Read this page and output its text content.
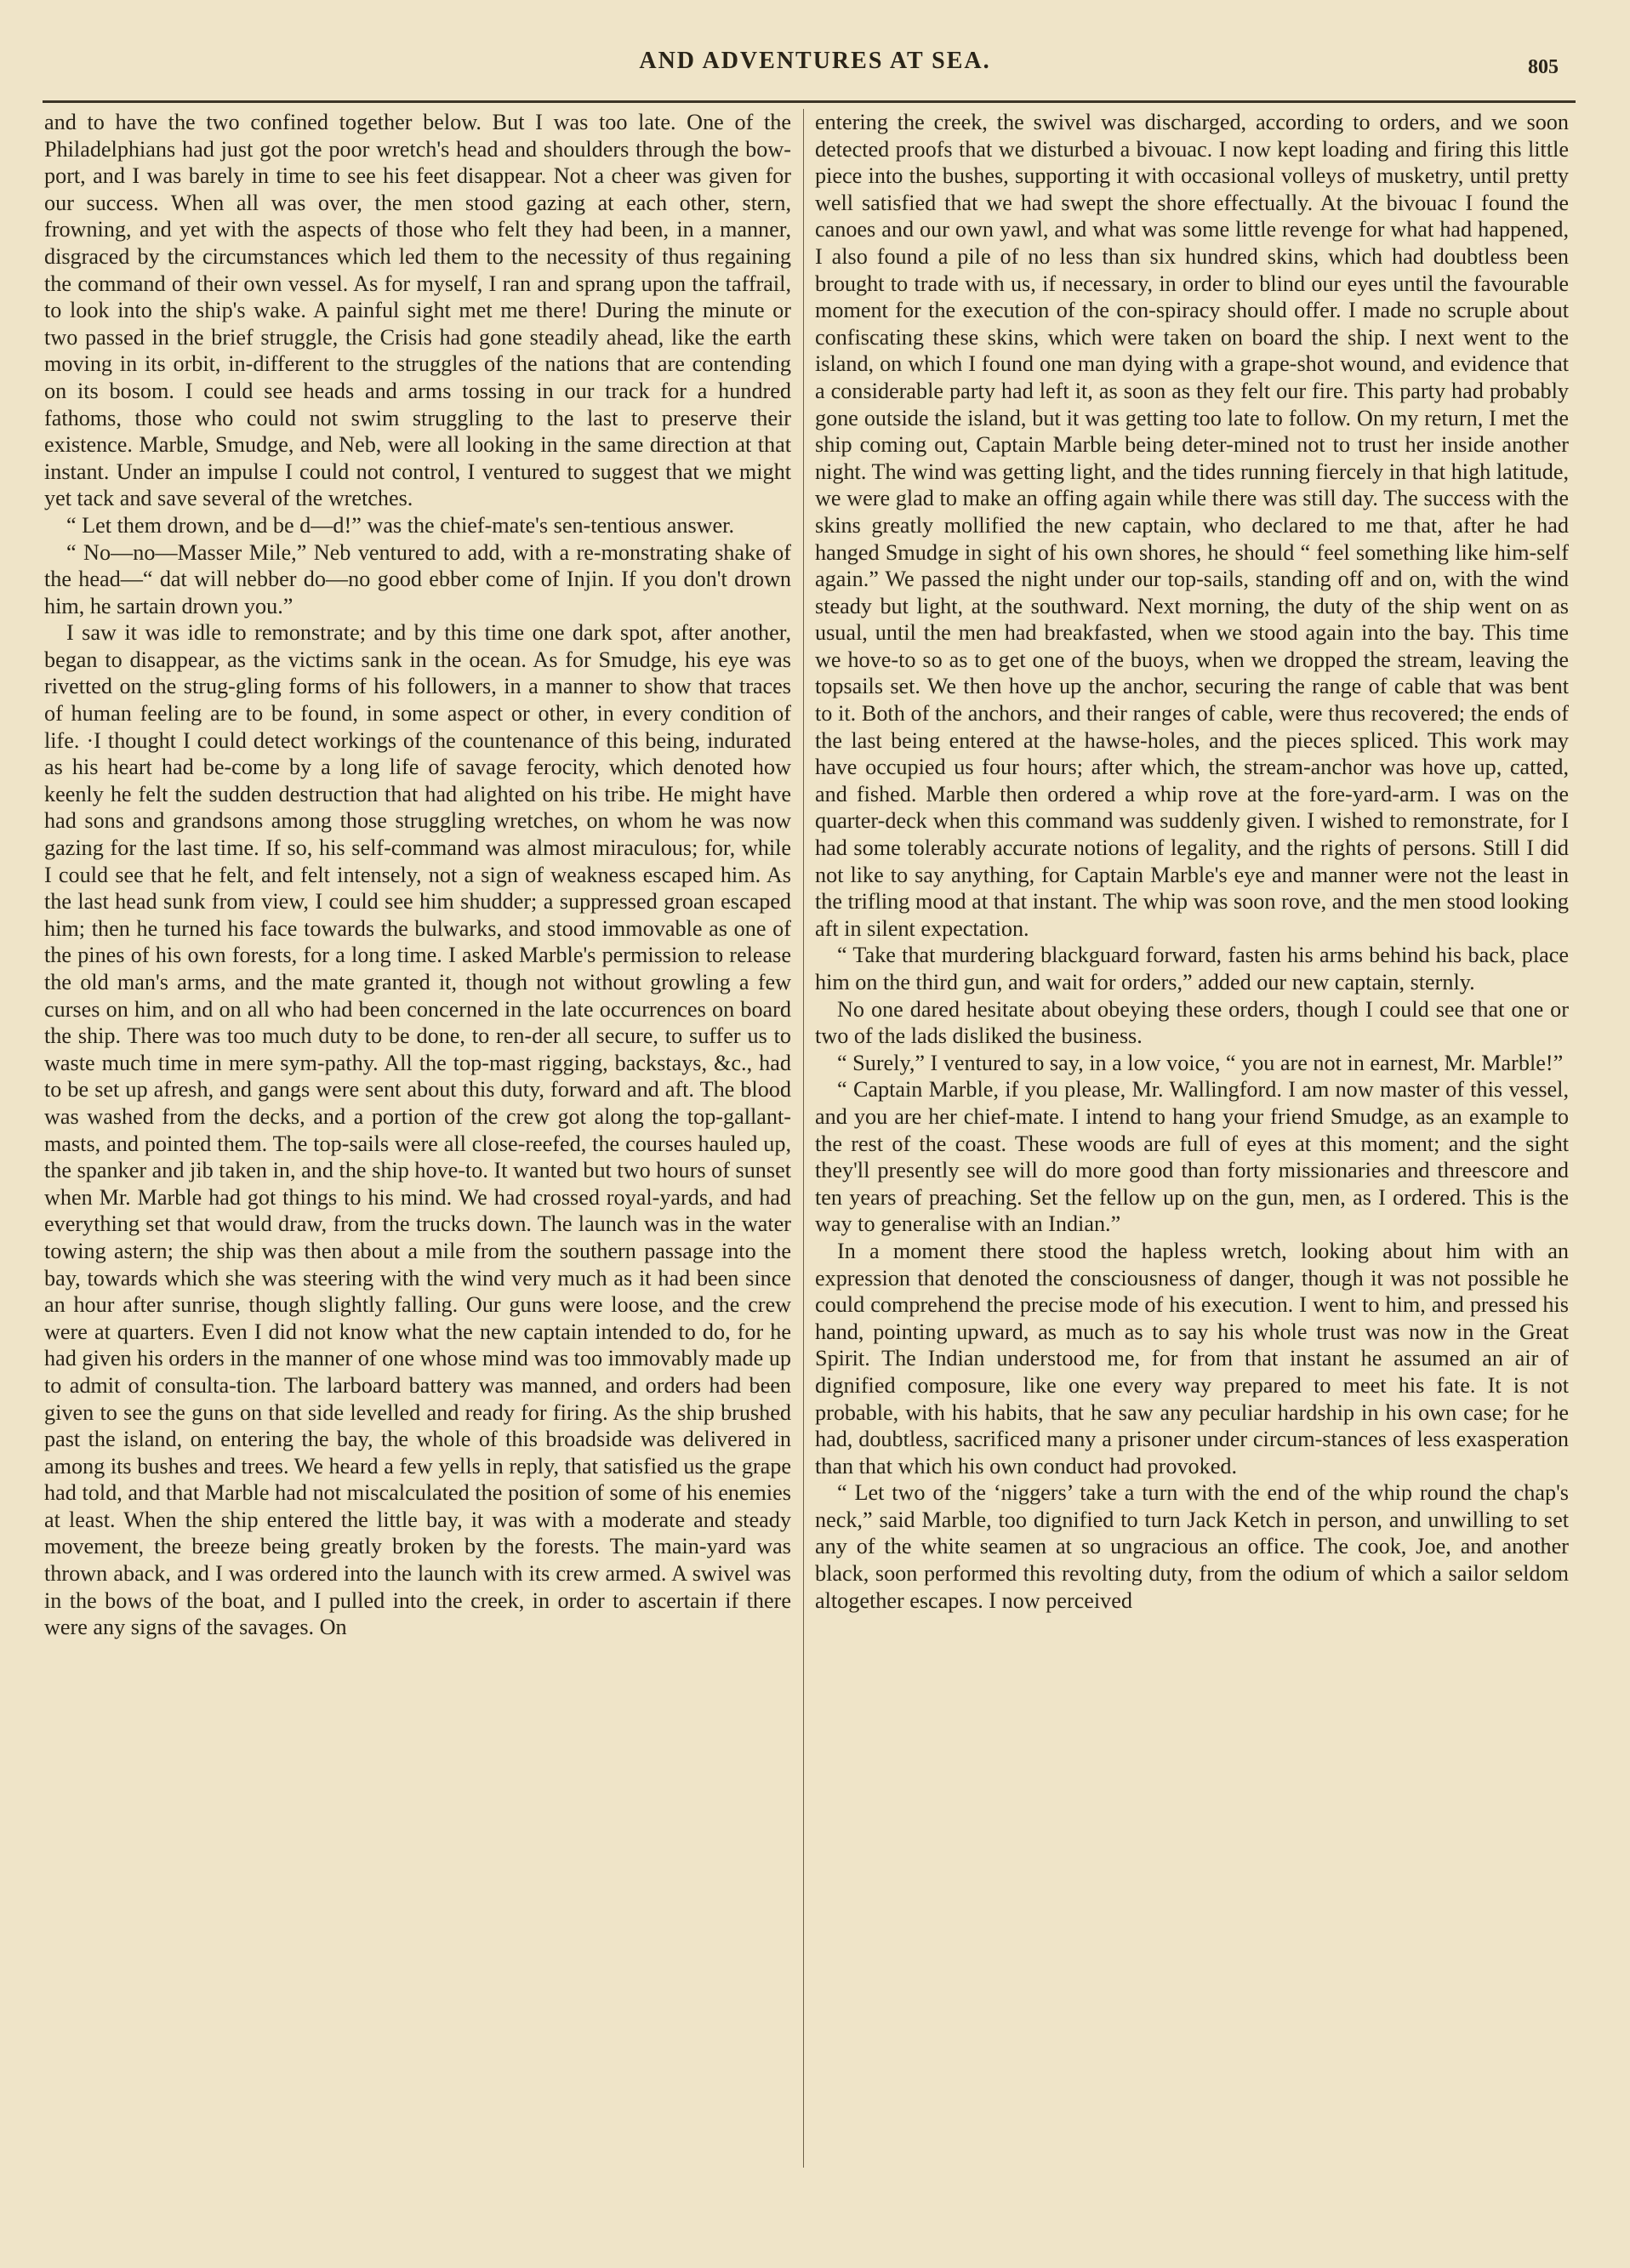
AND ADVENTURES AT SEA.	805

and to have the two confined together below. But I was too late. One of the Philadelphians had just got the poor wretch's head and shoulders through the bow-port, and I was barely in time to see his feet disappear. Not a cheer was given for our success. When all was over, the men stood gazing at each other, stern, frowning, and yet with the aspects of those who felt they had been, in a manner, disgraced by the circumstances which led them to the necessity of thus regaining the command of their own vessel. As for myself, I ran and sprang upon the taffrail, to look into the ship's wake. A painful sight met me there! During the minute or two passed in the brief struggle, the Crisis had gone steadily ahead, like the earth moving in its orbit, in-different to the struggles of the nations that are contending on its bosom. I could see heads and arms tossing in our track for a hundred fathoms, those who could not swim struggling to the last to preserve their existence. Marble, Smudge, and Neb, were all looking in the same direction at that instant. Under an impulse I could not control, I ventured to suggest that we might yet tack and save several of the wretches.

“ Let them drown, and be d—d!” was the chief-mate's sen-tentious answer.

“ No—no—Masser Mile,” Neb ventured to add, with a re-monstrating shake of the head—“ dat will nebber do—no good ebber come of Injin. If you don't drown him, he sartain drown you.”

I saw it was idle to remonstrate; and by this time one dark spot, after another, began to disappear, as the victims sank in the ocean. As for Smudge, his eye was rivetted on the strug-gling forms of his followers, in a manner to show that traces of human feeling are to be found, in some aspect or other, in every condition of life. ·I thought I could detect workings of the countenance of this being, indurated as his heart had be-come by a long life of savage ferocity, which denoted how keenly he felt the sudden destruction that had alighted on his tribe. He might have had sons and grandsons among those struggling wretches, on whom he was now gazing for the last time. If so, his self-command was almost miraculous; for, while I could see that he felt, and felt intensely, not a sign of weakness escaped him. As the last head sunk from view, I could see him shudder; a suppressed groan escaped him; then he turned his face towards the bulwarks, and stood immovable as one of the pines of his own forests, for a long time. I asked Marble's permission to release the old man's arms, and the mate granted it, though not without growling a few curses on him, and on all who had been concerned in the late occurrences on board the ship. There was too much duty to be done, to ren-der all secure, to suffer us to waste much time in mere sym-pathy. All the top-mast rigging, backstays, &c., had to be set up afresh, and gangs were sent about this duty, forward and aft. The blood was washed from the decks, and a portion of the crew got along the top-gallant-masts, and pointed them. The top-sails were all close-reefed, the courses hauled up, the spanker and jib taken in, and the ship hove-to. It wanted but two hours of sunset when Mr. Marble had got things to his mind. We had crossed royal-yards, and had everything set that would draw, from the trucks down. The launch was in the water towing astern; the ship was then about a mile from the southern passage into the bay, towards which she was steering with the wind very much as it had been since an hour after sunrise, though slightly falling. Our guns were loose, and the crew were at quarters. Even I did not know what the new captain intended to do, for he had given his orders in the manner of one whose mind was too immovably made up to admit of consulta-tion. The larboard battery was manned, and orders had been given to see the guns on that side levelled and ready for firing. As the ship brushed past the island, on entering the bay, the whole of this broadside was delivered in among its bushes and trees. We heard a few yells in reply, that satisfied us the grape had told, and that Marble had not miscalculated the position of some of his enemies at least. When the ship entered the little bay, it was with a moderate and steady movement, the breeze being greatly broken by the forests. The main-yard was thrown aback, and I was ordered into the launch with its crew armed. A swivel was in the bows of the boat, and I pulled into the creek, in order to ascertain if there were any signs of the savages. On

entering the creek, the swivel was discharged, according to orders, and we soon detected proofs that we disturbed a bivouac. I now kept loading and firing this little piece into the bushes, supporting it with occasional volleys of musketry, until pretty well satisfied that we had swept the shore effectually. At the bivouac I found the canoes and our own yawl, and what was some little revenge for what had happened, I also found a pile of no less than six hundred skins, which had doubtless been brought to trade with us, if necessary, in order to blind our eyes until the favourable moment for the execution of the con-spiracy should offer. I made no scruple about confiscating these skins, which were taken on board the ship. I next went to the island, on which I found one man dying with a grape-shot wound, and evidence that a considerable party had left it, as soon as they felt our fire. This party had probably gone outside the island, but it was getting too late to follow. On my return, I met the ship coming out, Captain Marble being deter-mined not to trust her inside another night. The wind was getting light, and the tides running fiercely in that high latitude, we were glad to make an offing again while there was still day. The success with the skins greatly mollified the new captain, who declared to me that, after he had hanged Smudge in sight of his own shores, he should “ feel something like him-self again.” We passed the night under our top-sails, standing off and on, with the wind steady but light, at the southward. Next morning, the duty of the ship went on as usual, until the men had breakfasted, when we stood again into the bay. This time we hove-to so as to get one of the buoys, when we dropped the stream, leaving the topsails set. We then hove up the anchor, securing the range of cable that was bent to it. Both of the anchors, and their ranges of cable, were thus recovered; the ends of the last being entered at the hawse-holes, and the pieces spliced. This work may have occupied us four hours; after which, the stream-anchor was hove up, catted, and fished. Marble then ordered a whip rove at the fore-yard-arm. I was on the quarter-deck when this command was suddenly given. I wished to remonstrate, for I had some tolerably accurate notions of legality, and the rights of persons. Still I did not like to say anything, for Captain Marble's eye and manner were not the least in the trifling mood at that instant. The whip was soon rove, and the men stood looking aft in silent expectation.

“ Take that murdering blackguard forward, fasten his arms behind his back, place him on the third gun, and wait for orders,” added our new captain, sternly.

No one dared hesitate about obeying these orders, though I could see that one or two of the lads disliked the business.

“ Surely,” I ventured to say, in a low voice, “ you are not in earnest, Mr. Marble!”

“ Captain Marble, if you please, Mr. Wallingford. I am now master of this vessel, and you are her chief-mate. I intend to hang your friend Smudge, as an example to the rest of the coast. These woods are full of eyes at this moment; and the sight they'll presently see will do more good than forty missionaries and threescore and ten years of preaching. Set the fellow up on the gun, men, as I ordered. This is the way to generalise with an Indian.”

In a moment there stood the hapless wretch, looking about him with an expression that denoted the consciousness of danger, though it was not possible he could comprehend the precise mode of his execution. I went to him, and pressed his hand, pointing upward, as much as to say his whole trust was now in the Great Spirit. The Indian understood me, for from that instant he assumed an air of dignified composure, like one every way prepared to meet his fate. It is not probable, with his habits, that he saw any peculiar hardship in his own case; for he had, doubtless, sacrificed many a prisoner under circum-stances of less exasperation than that which his own conduct had provoked.

“ Let two of the ‘niggers’ take a turn with the end of the whip round the chap's neck,” said Marble, too dignified to turn Jack Ketch in person, and unwilling to set any of the white seamen at so ungracious an office. The cook, Joe, and another black, soon performed this revolting duty, from the odium of which a sailor seldom altogether escapes. I now perceived
